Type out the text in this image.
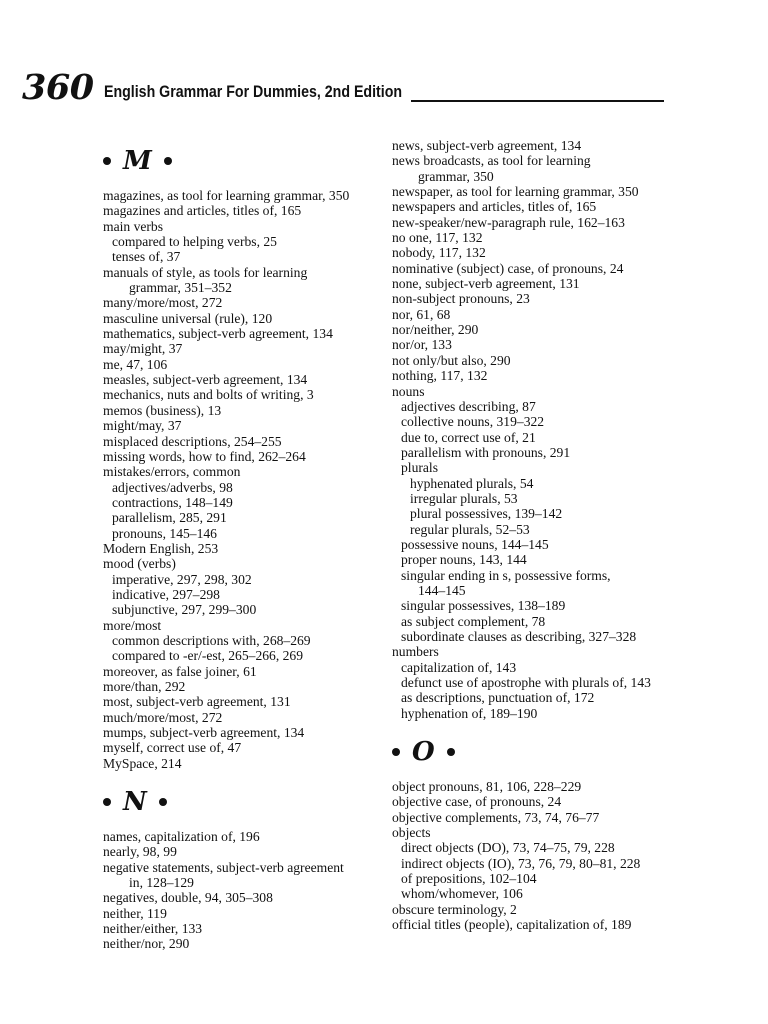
360 English Grammar For Dummies, 2nd Edition
M
magazines, as tool for learning grammar, 350
magazines and articles, titles of, 165
main verbs
compared to helping verbs, 25
tenses of, 37
manuals of style, as tools for learning
grammar, 351–352
many/more/most, 272
masculine universal (rule), 120
mathematics, subject-verb agreement, 134
may/might, 37
me, 47, 106
measles, subject-verb agreement, 134
mechanics, nuts and bolts of writing, 3
memos (business), 13
might/may, 37
misplaced descriptions, 254–255
missing words, how to find, 262–264
mistakes/errors, common
adjectives/adverbs, 98
contractions, 148–149
parallelism, 285, 291
pronouns, 145–146
Modern English, 253
mood (verbs)
imperative, 297, 298, 302
indicative, 297–298
subjunctive, 297, 299–300
more/most
common descriptions with, 268–269
compared to -er/-est, 265–266, 269
moreover, as false joiner, 61
more/than, 292
most, subject-verb agreement, 131
much/more/most, 272
mumps, subject-verb agreement, 134
myself, correct use of, 47
MySpace, 214
N
names, capitalization of, 196
nearly, 98, 99
negative statements, subject-verb agreement
in, 128–129
negatives, double, 94, 305–308
neither, 119
neither/either, 133
neither/nor, 290
news, subject-verb agreement, 134
news broadcasts, as tool for learning
grammar, 350
newspaper, as tool for learning grammar, 350
newspapers and articles, titles of, 165
new-speaker/new-paragraph rule, 162–163
no one, 117, 132
nobody, 117, 132
nominative (subject) case, of pronouns, 24
none, subject-verb agreement, 131
non-subject pronouns, 23
nor, 61, 68
nor/neither, 290
nor/or, 133
not only/but also, 290
nothing, 117, 132
nouns
adjectives describing, 87
collective nouns, 319–322
due to, correct use of, 21
parallelism with pronouns, 291
plurals
hyphenated plurals, 54
irregular plurals, 53
plural possessives, 139–142
regular plurals, 52–53
possessive nouns, 144–145
proper nouns, 143, 144
singular ending in s, possessive forms,
144–145
singular possessives, 138–189
as subject complement, 78
subordinate clauses as describing, 327–328
numbers
capitalization of, 143
defunct use of apostrophe with plurals of, 143
as descriptions, punctuation of, 172
hyphenation of, 189–190
O
object pronouns, 81, 106, 228–229
objective case, of pronouns, 24
objective complements, 73, 74, 76–77
objects
direct objects (DO), 73, 74–75, 79, 228
indirect objects (IO), 73, 76, 79, 80–81, 228
of prepositions, 102–104
whom/whomever, 106
obscure terminology, 2
official titles (people), capitalization of, 189
